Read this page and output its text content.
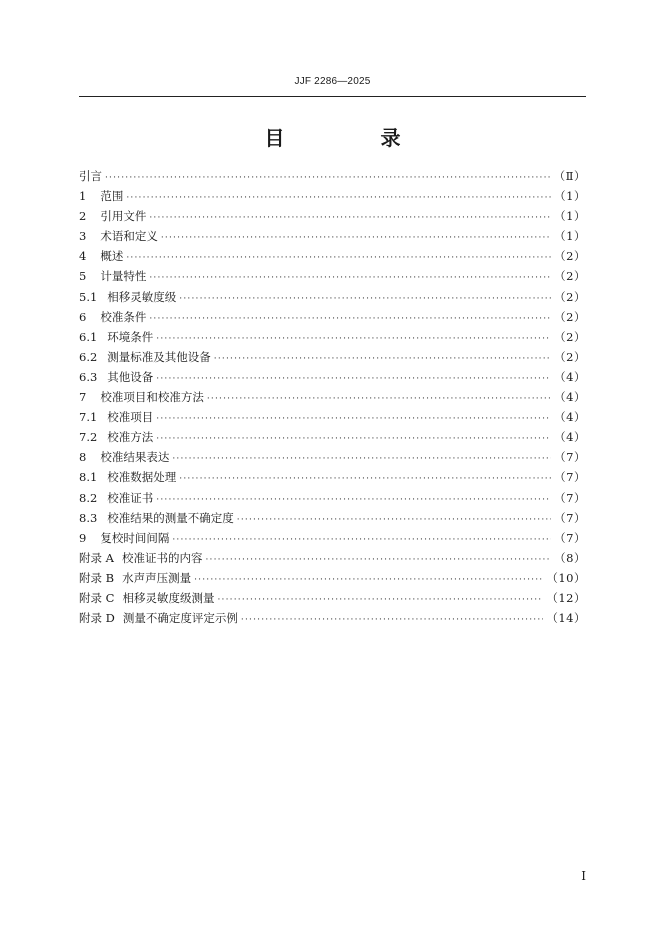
JJF 2286—2025
目　录
引言 ·····	（Ⅱ）
1 范围 ·····	（1）
2 引用文件 ·····	（1）
3 术语和定义 ·····	（1）
4 概述 ·····	（2）
5 计量特性 ·····	（2）
5.1 相移灵敏度级 ·····	（2）
6 校准条件 ·····	（2）
6.1 环境条件 ·····	（2）
6.2 测量标准及其他设备 ·····	（2）
6.3 其他设备 ·····	（4）
7 校准项目和校准方法 ·····	（4）
7.1 校准项目 ·····	（4）
7.2 校准方法 ·····	（4）
8 校准结果表达 ·····	（7）
8.1 校准数据处理 ·····	（7）
8.2 校准证书 ·····	（7）
8.3 校准结果的测量不确定度 ·····	（7）
9 复校时间间隔 ·····	（7）
附录 A 校准证书的内容 ·····	（8）
附录 B 水声声压测量 ·····	（10）
附录 C 相移灵敏度级测量 ·····	（12）
附录 D 测量不确定度评定示例 ·····	（14）
I
